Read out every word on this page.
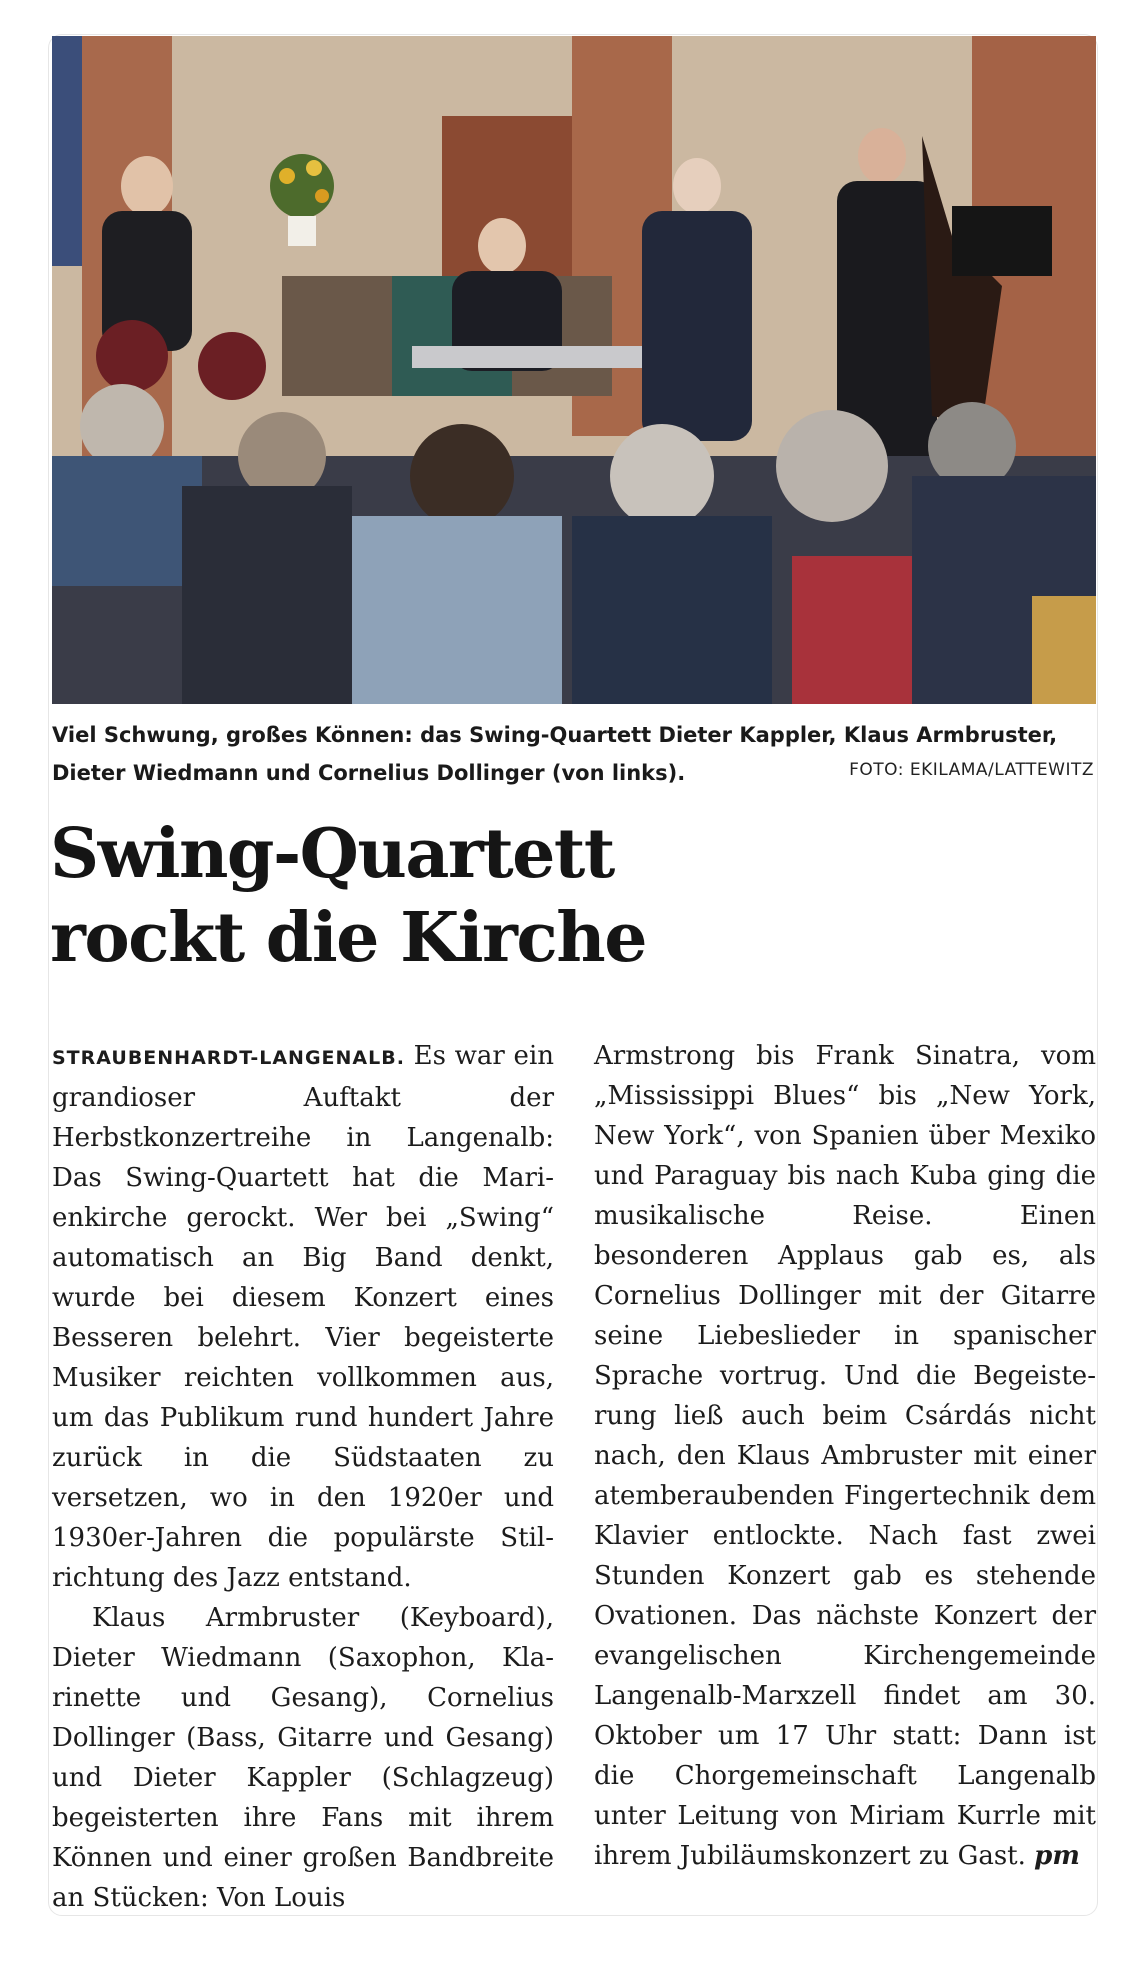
Viel Schwung, großes Können: das Swing-Quartett Dieter Kappler, Klaus Armbruster, Dieter Wiedmann und Cornelius Dollinger (von links).	FOTO: EKILAMA/LATTEWITZ
Swing-Quartett
rockt die Kirche

STRAUBENHARDT-LANGENALB. Es war ein grandioser Auftakt der Herbstkonzertreihe in Langenalb: Das Swing-Quartett hat die Marienkirche gerockt. Wer bei „Swing“ automatisch an Big Band denkt, wurde bei diesem Konzert eines Besseren belehrt. Vier begeisterte Musiker reichten vollkommen aus, um das Publikum rund hundert Jahre zurück in die Südstaaten zu versetzen, wo in den 1920er und 1930er-Jahren die populärste Stilrichtung des Jazz entstand.

Klaus Armbruster (Keyboard), Dieter Wiedmann (Saxophon, Klarinette und Gesang), Cornelius Dollinger (Bass, Gitarre und Gesang) und Dieter Kappler (Schlagzeug) begeisterten ihre Fans mit ihrem Können und einer großen Bandbreite an Stücken: Von Louis

Armstrong bis Frank Sinatra, vom „Mississippi Blues“ bis „New York, New York“, von Spanien über Mexiko und Paraguay bis nach Kuba ging die musikalische Reise. Einen besonderen Applaus gab es, als Cornelius Dollinger mit der Gitarre seine Liebeslieder in spanischer Sprache vortrug. Und die Begeisterung ließ auch beim Csárdás nicht nach, den Klaus Ambruster mit einer atemberaubenden Fingertechnik dem Klavier entlockte. Nach fast zwei Stunden Konzert gab es stehende Ovationen. Das nächste Konzert der evangelischen Kirchengemeinde Langenalb-Marxzell findet am 30. Oktober um 17 Uhr statt: Dann ist die Chorgemeinschaft Langenalb unter Leitung von Miriam Kurrle mit ihrem Jubiläumskonzert zu Gast. pm
